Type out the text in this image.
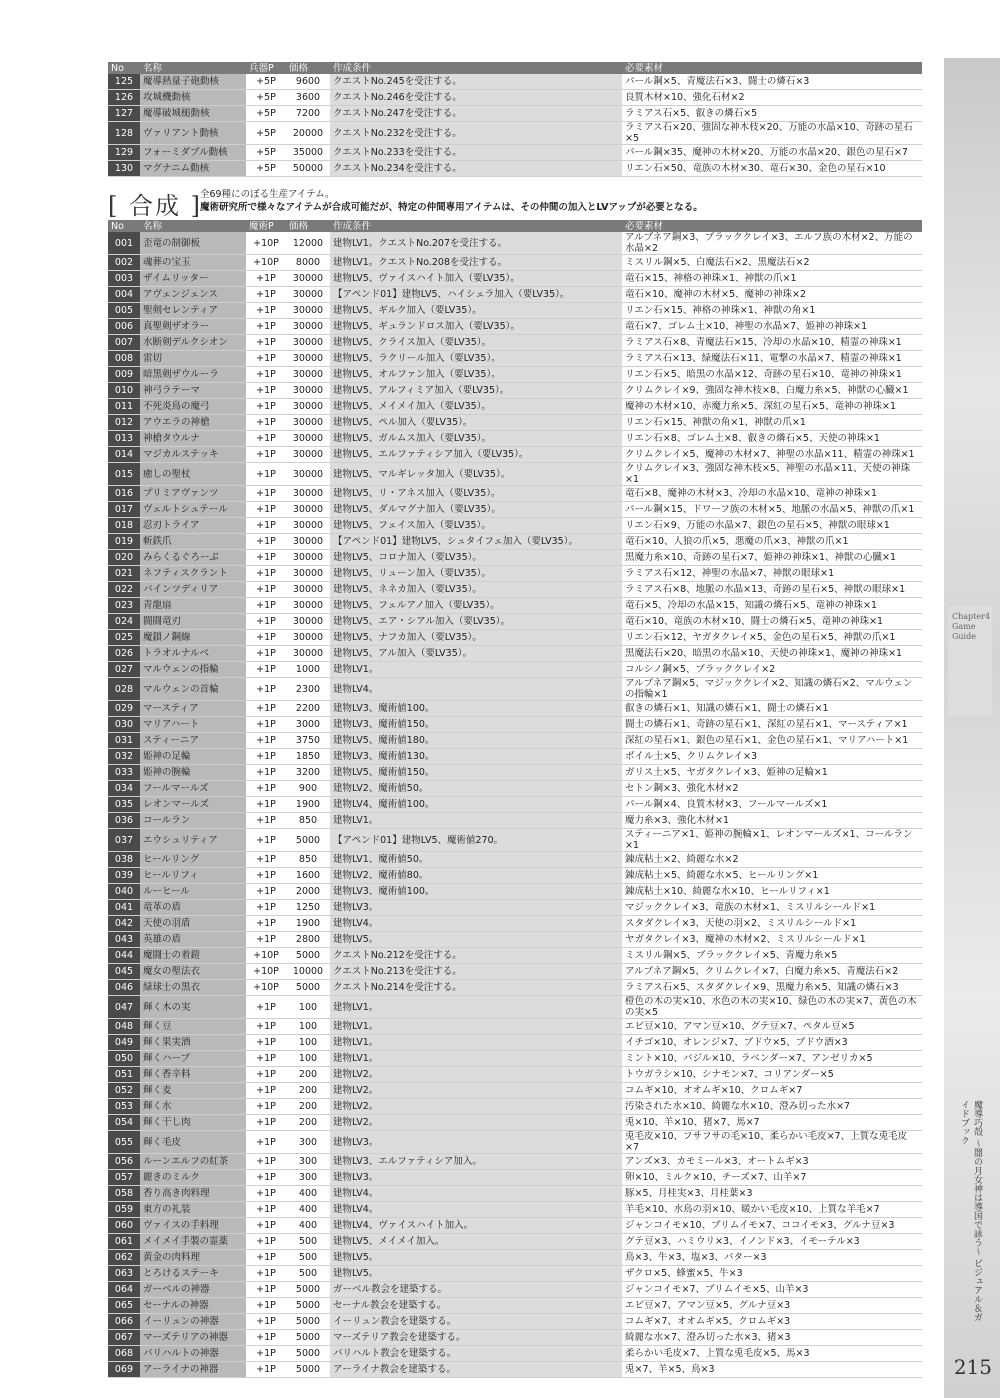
No	名称	兵器P	価格	作成条件	必要素材
125	魔導熱量子砲動核	+5P	9600	クエストNo.245を受注する。	パール鋼×5、青魔法石×3、闘士の燐石×3
126	攻城機動核	+5P	3600	クエストNo.246を受注する。	良質木材×10、強化石材×2
127	魔導破城槌動核	+5P	7200	クエストNo.247を受注する。	ラミアス石×5、叡きの燐石×5
128	ヴァリアント動核	+5P	20000	クエストNo.232を受注する。	ラミアス石×20、強固な神木枝×20、万能の水晶×10、奇跡の星石×5
129	フォーミダブル動核	+5P	35000	クエストNo.233を受注する。	パール鋼×35、魔神の木材×20、万能の水晶×20、銀色の星石×7
130	マグナニム動核	+5P	50000	クエストNo.234を受注する。	リエン石×50、竜族の木材×30、竜石×30、金色の星石×10
[ 合成 ]
全69種にのぼる生産アイテム。
魔術研究所で様々なアイテムが合成可能だが、特定の仲間専用アイテムは、その仲間の加入とLVアップが必要となる。
No	名称	魔術P	価格	作成条件	必要素材
001	歪竜の制御板	+10P	12000	建物LV1。クエストNo.207を受注する。	アルブネア鋼×3、ブラッククレイ×3、エルフ族の木材×2、万能の水晶×2
002	魂葬の宝玉	+10P	8000	建物LV1。クエストNo.208を受注する。	ミスリル鋼×5、白魔法石×2、黒魔法石×2
003	ザイムリッター	+1P	30000	建物LV5、ヴァイスハイト加入（要LV35）。	竜石×15、神格の神珠×1、神獣の爪×1
004	アヴェンジェンス	+1P	30000	【アペンド01】建物LV5、ハイシェラ加入（要LV35）。	竜石×10、魔神の木材×5、魔神の神珠×2
005	聖剣セレンティア	+1P	30000	建物LV5、ギルク加入（要LV35）。	リエン石×15、神格の神珠×1、神獣の角×1
006	真聖剣ザオラー	+1P	30000	建物LV5、ギュランドロス加入（要LV35）。	竜石×7、ゴレム土×10、神聖の水晶×7、姫神の神珠×1
007	水断剣デルクシオン	+1P	30000	建物LV5、クライス加入（要LV35）。	ラミアス石×8、青魔法石×15、冷却の水晶×10、精霊の神珠×1
008	雷切	+1P	30000	建物LV5、ラクリール加入（要LV35）。	ラミアス石×13、緑魔法石×11、電撃の水晶×7、精霊の神珠×1
009	暗黒剣ザウルーラ	+1P	30000	建物LV5、オルファン加入（要LV35）。	リエン石×5、暗黒の水晶×12、奇跡の星石×10、竜神の神珠×1
010	神弓ラテーマ	+1P	30000	建物LV5、アルフィミア加入（要LV35）。	クリムクレイ×9、強固な神木枝×8、白魔力糸×5、神獣の心臓×1
011	不死炎鳥の魔弓	+1P	30000	建物LV5、メイメイ加入（要LV35）。	魔神の木材×10、赤魔力糸×5、深紅の星石×5、竜神の神珠×1
012	アウエラの神槍	+1P	30000	建物LV5、ペル加入（要LV35）。	リエン石×15、神獣の角×1、神獣の爪×1
013	神槍タウルナ	+1P	30000	建物LV5、ガルムス加入（要LV35）。	リエン石×8、ゴレム土×8、叡きの燐石×5、天使の神珠×1
014	マジカルステッキ	+1P	30000	建物LV5、エルファティシア加入（要LV35）。	クリムクレイ×5、魔神の木材×7、神聖の水晶×11、精霊の神珠×1
015	癒しの聖杖	+1P	30000	建物LV5、マルギレッタ加入（要LV35）。	クリムクレイ×3、強固な神木枝×5、神聖の水晶×11、天使の神珠×1
016	プリミアヴァンツ	+1P	30000	建物LV5、リ・アネス加入（要LV35）。	竜石×8、魔神の木材×3、冷却の水晶×10、竜神の神珠×1
017	ヴェルトシュテール	+1P	30000	建物LV5、ダルマグナ加入（要LV35）。	パール鋼×15、ドワーフ族の木材×5、地脈の水晶×5、神獣の爪×1
018	忍刃トライア	+1P	30000	建物LV5、フェイス加入（要LV35）。	リエン石×9、万能の水晶×7、銀色の星石×5、神獣の眼球×1
019	斬鉄爪	+1P	30000	【アペンド01】建物LV5、シュタイフェ加入（要LV35）。	竜石×10、人狼の爪×5、悪魔の爪×3、神獣の爪×1
020	みらくるぐろーぶ	+1P	30000	建物LV5、コロナ加入（要LV35）。	黒魔力糸×10、奇跡の星石×7、姫神の神珠×1、神獣の心臓×1
021	ネフティスクラント	+1P	30000	建物LV5、リューン加入（要LV35）。	ラミアス石×12、神聖の水晶×7、神獣の眼球×1
022	バインツディリア	+1P	30000	建物LV5、ネネカ加入（要LV35）。	ラミアス石×8、地脈の水晶×13、奇跡の星石×5、神獣の眼球×1
023	青龍扇	+1P	30000	建物LV5、フェルアノ加入（要LV35）。	竜石×5、冷却の水晶×15、知識の燐石×5、竜神の神珠×1
024	闘闘竜刃	+1P	30000	建物LV5、エア・シアル加入（要LV35）。	竜石×10、竜族の木材×10、闘士の燐石×5、竜神の神珠×1
025	魔鎖ノ鋼線	+1P	30000	建物LV5、ナフカ加入（要LV35）。	リエン石×12、ヤガタクレイ×5、金色の星石×5、神獣の爪×1
026	トラオルナルベ	+1P	30000	建物LV5、アル加入（要LV35）。	黒魔法石×20、暗黒の水晶×10、天使の神珠×1、魔神の神珠×1
027	マルウェンの指輪	+1P	1000	建物LV1。	コルシノ鋼×5、ブラッククレイ×2
028	マルウェンの首輪	+1P	2300	建物LV4。	アルブネア鋼×5、マジッククレイ×2、知識の燐石×2、マルウェンの指輪×1
029	マースティア	+1P	2200	建物LV3、魔術値100。	叡きの燐石×1、知識の燐石×1、闘士の燐石×1
030	マリアハート	+1P	3000	建物LV3、魔術値150。	闘士の燐石×1、奇跡の星石×1、深紅の星石×1、マースティア×1
031	スティーニア	+1P	3750	建物LV5、魔術値180。	深紅の星石×1、銀色の星石×1、金色の星石×1、マリアハート×1
032	姫神の足輪	+1P	1850	建物LV3、魔術値130。	ボイル土×5、クリムクレイ×3
033	姫神の腕輪	+1P	3200	建物LV5、魔術値150。	ガリス土×5、ヤガタクレイ×3、姫神の足輪×1
034	フールマールズ	+1P	900	建物LV2、魔術値50。	セトン鋼×3、強化木材×2
035	レオンマールズ	+1P	1900	建物LV4、魔術値100。	パール鋼×4、良質木材×3、フールマールズ×1
036	コールラン	+1P	850	建物LV1。	魔力糸×3、強化木材×1
037	エウシュリティア	+1P	5000	【アペンド01】建物LV5、魔術値270。	スティーニア×1、姫神の腕輪×1、レオンマールズ×1、コールラン×1
038	ヒールリング	+1P	850	建物LV1、魔術値50。	錬成粘土×2、綺麗な水×2
039	ヒールリフィ	+1P	1600	建物LV2、魔術値80。	錬成粘土×5、綺麗な水×5、ヒールリング×1
040	ルーヒール	+1P	2000	建物LV3、魔術値100。	錬成粘土×10、綺麗な水×10、ヒールリフィ×1
041	竜革の盾	+1P	1250	建物LV3。	マジッククレイ×3、竜族の木材×1、ミスリルシールド×1
042	天使の羽盾	+1P	1900	建物LV4。	スタダクレイ×3、天使の羽×2、ミスリルシールド×1
043	英雄の盾	+1P	2800	建物LV5。	ヤガタクレイ×3、魔神の木材×2、ミスリルシールド×1
044	魔闘士の着鎧	+10P	5000	クエストNo.212を受注する。	ミスリル鋼×5、ブラッククレイ×5、青魔力糸×5
045	魔女の聖法衣	+10P	10000	クエストNo.213を受注する。	アルブネア鋼×5、クリムクレイ×7、白魔力糸×5、青魔法石×2
046	緑球士の黒衣	+10P	5000	クエストNo.214を受注する。	ラミアス石×5、スタダクレイ×9、黒魔力糸×5、知識の燐石×3
047	輝く木の実	+1P	100	建物LV1。	橙色の木の実×10、水色の木の実×10、緑色の木の実×7、黄色の木の実×5
048	輝く豆	+1P	100	建物LV1。	エビ豆×10、アマン豆×10、グテ豆×7、ペタル豆×5
049	輝く果実酒	+1P	100	建物LV1。	イチゴ×10、オレンジ×7、ブドウ×5、ブドウ酒×3
050	輝くハーブ	+1P	100	建物LV1。	ミント×10、バジル×10、ラベンダー×7、アンゼリカ×5
051	輝く香辛料	+1P	200	建物LV2。	トウガラシ×10、シナモン×7、コリアンダー×5
052	輝く麦	+1P	200	建物LV2。	コムギ×10、オオムギ×10、クロムギ×7
053	輝く水	+1P	200	建物LV2。	汚染された水×10、綺麗な水×10、澄み切った水×7
054	輝く干し肉	+1P	200	建物LV2。	兎×10、羊×10、猪×7、馬×7
055	輝く毛皮	+1P	300	建物LV3。	兎毛皮×10、フサフサの毛×10、柔らかい毛皮×7、上質な兎毛皮×7
056	ルーンエルフの紅茶	+1P	300	建物LV3、エルファティシア加入。	アンズ×3、カモミール×3、オートムギ×3
057	麗きのミルク	+1P	300	建物LV3。	卵×10、ミルク×10、チーズ×7、山羊×7
058	香り高き肉料理	+1P	400	建物LV4。	豚×5、月桂実×3、月桂葉×3
059	東方の礼装	+1P	400	建物LV4。	羊毛×10、水鳥の羽×10、暖かい毛皮×10、上質な羊毛×7
060	ヴァイスの手料理	+1P	400	建物LV4、ヴァイスハイト加入。	ジャンコイモ×10、ブリムイモ×7、ココイモ×3、グルナ豆×3
061	メイメイ手製の霊薬	+1P	500	建物LV5、メイメイ加入。	グテ豆×3、ハミウリ×3、イノンド×3、イモーテル×3
062	黄金の肉料理	+1P	500	建物LV5。	鳥×3、牛×3、塩×3、バター×3
063	とろけるステーキ	+1P	500	建物LV5。	ザクロ×5、蜂蜜×5、牛×3
064	ガーベルの神器	+1P	5000	ガーベル教会を建築する。	ジャンコイモ×7、ブリムイモ×5、山羊×3
065	セーナルの神器	+1P	5000	セーナル教会を建築する。	エビ豆×7、アマン豆×5、グルナ豆×3
066	イーリュンの神器	+1P	5000	イーリュン教会を建築する。	コムギ×7、オオムギ×5、クロムギ×3
067	マーズテリアの神器	+1P	5000	マーズテリア教会を建築する。	綺麗な水×7、澄み切った水×3、猪×3
068	バリハルトの神器	+1P	5000	バリハルト教会を建築する。	柔らかい毛皮×7、上質な兎毛皮×5、馬×3
069	アーライナの神器	+1P	5000	アーライナ教会を建築する。	兎×7、羊×5、鳥×3
Chapter4 Game Guide
魔導巧殻 ～闇の月女神は導国で詠う～ ビジュアル＆ガイドブック
215
